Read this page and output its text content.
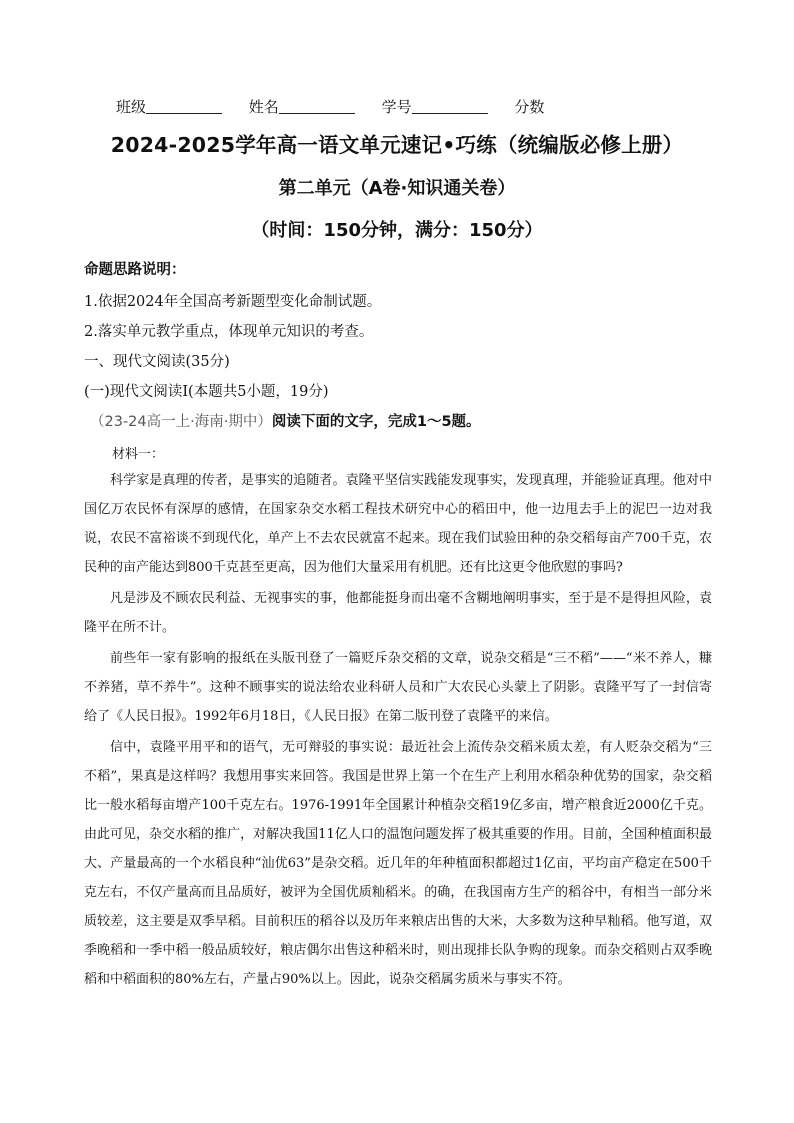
班级	姓名	学号	分数
2024-2025学年高一语文单元速记•巧练（统编版必修上册）
第二单元（A卷·知识通关卷）
（时间：150分钟，满分：150分）
命题思路说明：
1.依据2024年全国高考新题型变化命制试题。
2.落实单元教学重点，体现单元知识的考查。
一、现代文阅读(35分)
(一)现代文阅读Ⅰ(本题共5小题，19分)
（23-24高一上·海南·期中）阅读下面的文字，完成1～5题。
材料一：

科学家是真理的传者，是事实的追随者。袁隆平坚信实践能发现事实，发现真理，并能验证真理。他对中国亿万农民怀有深厚的感情，在国家杂交水稻工程技术研究中心的稻田中，他一边甩去手上的泥巴一边对我说，农民不富裕谈不到现代化，单产上不去农民就富不起来。现在我们试验田种的杂交稻每亩产700千克，农民种的亩产能达到800千克甚至更高，因为他们大量采用有机肥。还有比这更令他欣慰的事吗?

凡是涉及不顾农民利益、无视事实的事，他都能挺身而出毫不含糊地阐明事实，至于是不是得担风险，袁隆平在所不计。

前些年一家有影响的报纸在头版刊登了一篇贬斥杂交稻的文章，说杂交稻是“三不稻”——“米不养人，糠不养猪，草不养牛”。这种不顾事实的说法给农业科研人员和广大农民心头蒙上了阴影。袁隆平写了一封信寄给了《人民日报》。1992年6月18日，《人民日报》在第二版刊登了袁隆平的来信。

信中，袁隆平用平和的语气，无可辩驳的事实说：最近社会上流传杂交稻米质太差，有人贬杂交稻为“三不稻”，果真是这样吗？我想用事实来回答。我国是世界上第一个在生产上利用水稻杂种优势的国家，杂交稻比一般水稻每亩增产100千克左右。1976-1991年全国累计种植杂交稻19亿多亩，增产粮食近2000亿千克。由此可见，杂交水稻的推广，对解决我国11亿人口的温饱问题发挥了极其重要的作用。目前，全国种植面积最大、产量最高的一个水稻良种“汕优63”是杂交稻。近几年的年种植面积都超过1亿亩，平均亩产稳定在500千克左右，不仅产量高而且品质好，被评为全国优质籼稻米。的确，在我国南方生产的稻谷中，有相当一部分米质较差，这主要是双季早稻。目前积压的稻谷以及历年来粮店出售的大米，大多数为这种早籼稻。他写道，双季晚稻和一季中稻一般品质较好，粮店偶尔出售这种稻米时，则出现排长队争购的现象。而杂交稻则占双季晚稻和中稻面积的80%左右，产量占90%以上。因此，说杂交稻属劣质米与事实不符。
